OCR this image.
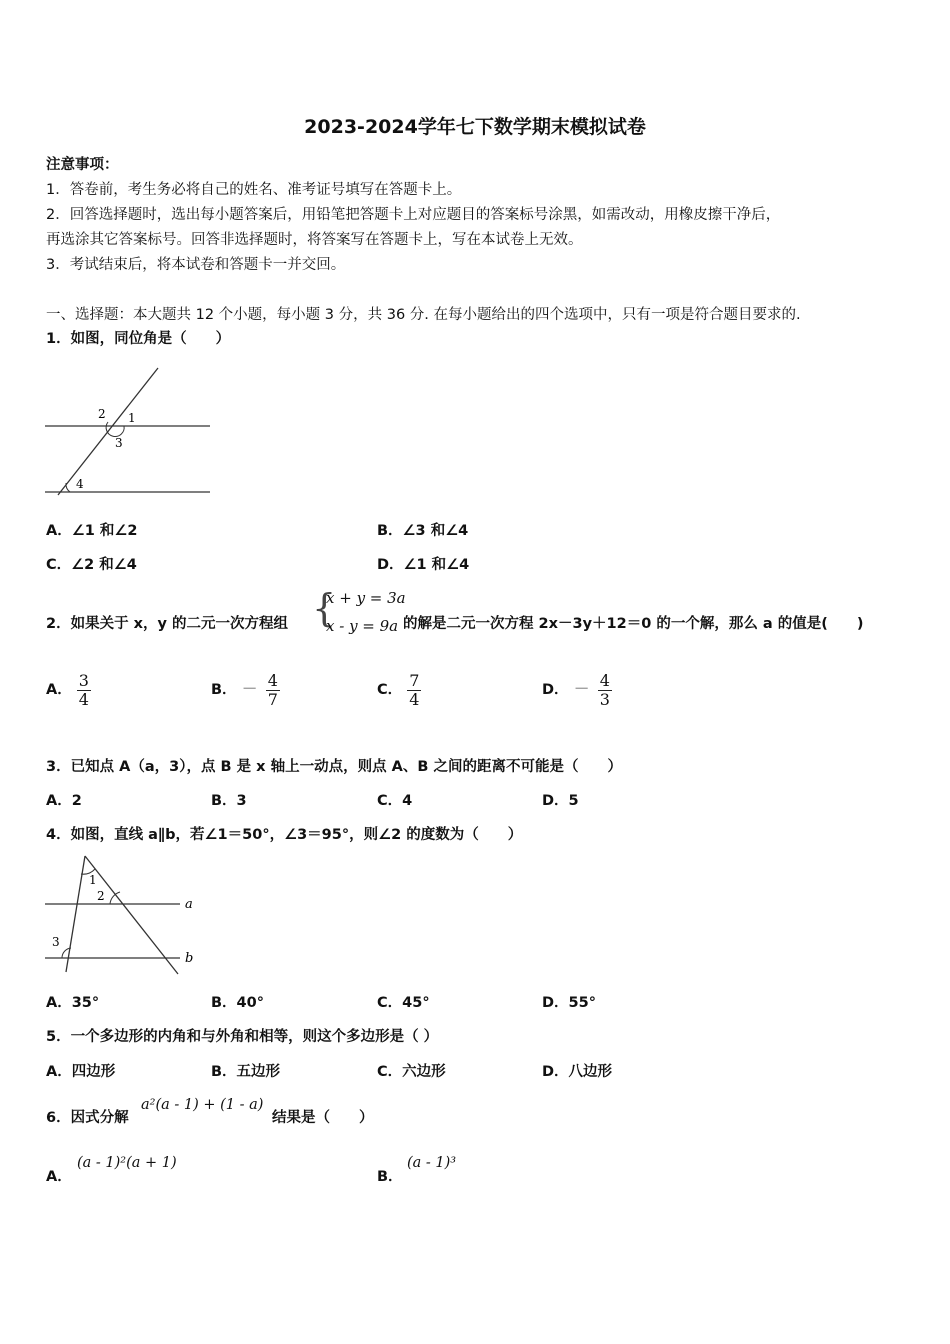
2023-2024学年七下数学期末模拟试卷
注意事项：
1．答卷前，考生务必将自己的姓名、准考证号填写在答题卡上。
2．回答选择题时，选出每小题答案后，用铅笔把答题卡上对应题目的答案标号涂黑，如需改动，用橡皮擦干净后，
再选涂其它答案标号。回答非选择题时，将答案写在答题卡上，写在本试卷上无效。
3．考试结束后，将本试卷和答题卡一并交回。
一、选择题：本大题共 12 个小题，每小题 3 分，共 36 分. 在每小题给出的四个选项中，只有一项是符合题目要求的.
1．如图，同位角是（　　）
2 1
3
4
A．∠1 和∠2	B．∠3 和∠4
C．∠2 和∠4	D．∠1 和∠4
2．如果关于 x，y 的二元一次方程组 {
x + y = 3a
x - y = 9a 的解是二元一次方程 2x－3y＋12＝0 的一个解，那么 a 的值是(　　)
A． $\frac{3}{4}$	B． － $\frac{4}{7}$	C． $\frac{7}{4}$	D． － $\frac{4}{3}$
3．已知点 A（a，3），点 B 是 x 轴上一动点，则点 A、B 之间的距离不可能是（　　）
A．2	B．3	C．4	D．5
4．如图，直线 a∥b，若∠1＝50°，∠3＝95°，则∠2 的度数为（　　）
1
2
3
a
b
A．35°	B．40°	C．45°	D．55°
5．一个多边形的内角和与外角和相等，则这个多边形是（ ）
A．四边形	B．五边形	C．六边形	D．八边形
6．因式分解
a²(a - 1) + (1 - a)
结果是（　　）
A．
(a - 1)²(a + 1)
B．
(a - 1)³
